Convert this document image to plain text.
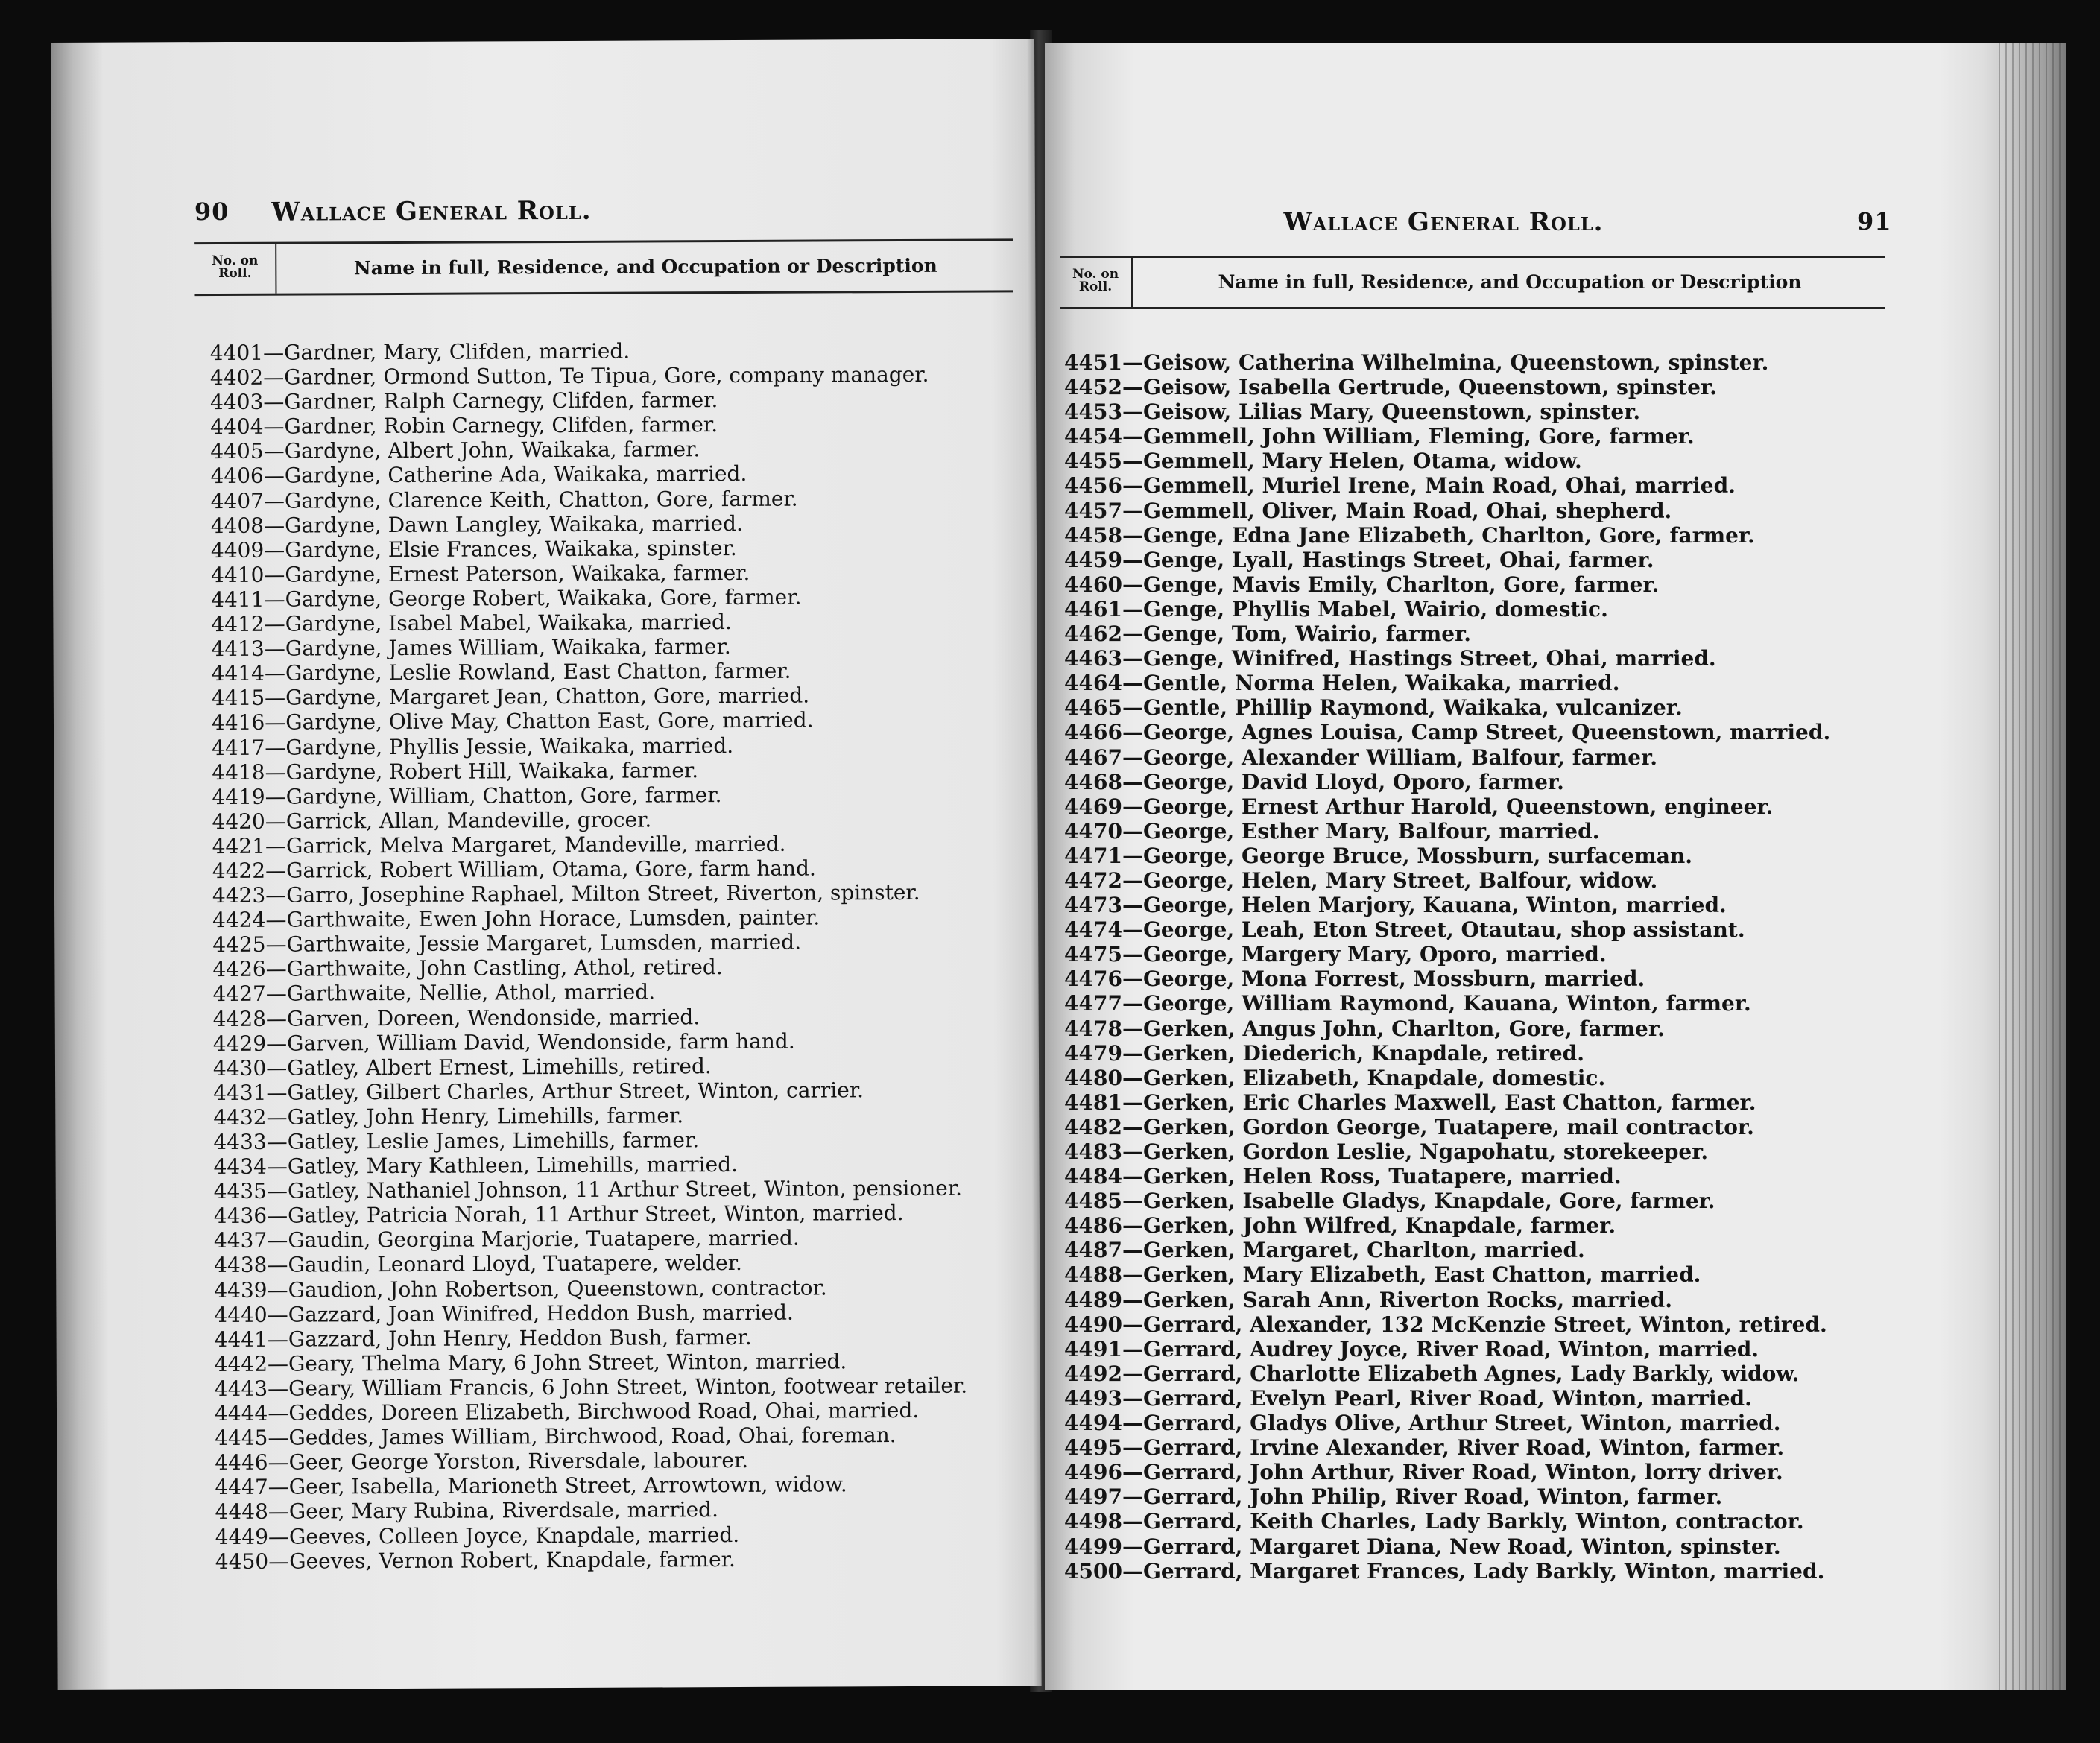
90	Wallace General Roll.
No. on
Roll.	Name in full, Residence, and Occupation or Description
4401—Gardner, Mary, Clifden, married.
4402—Gardner, Ormond Sutton, Te Tipua, Gore, company manager.
4403—Gardner, Ralph Carnegy, Clifden, farmer.
4404—Gardner, Robin Carnegy, Clifden, farmer.
4405—Gardyne, Albert John, Waikaka, farmer.
4406—Gardyne, Catherine Ada, Waikaka, married.
4407—Gardyne, Clarence Keith, Chatton, Gore, farmer.
4408—Gardyne, Dawn Langley, Waikaka, married.
4409—Gardyne, Elsie Frances, Waikaka, spinster.
4410—Gardyne, Ernest Paterson, Waikaka, farmer.
4411—Gardyne, George Robert, Waikaka, Gore, farmer.
4412—Gardyne, Isabel Mabel, Waikaka, married.
4413—Gardyne, James William, Waikaka, farmer.
4414—Gardyne, Leslie Rowland, East Chatton, farmer.
4415—Gardyne, Margaret Jean, Chatton, Gore, married.
4416—Gardyne, Olive May, Chatton East, Gore, married.
4417—Gardyne, Phyllis Jessie, Waikaka, married.
4418—Gardyne, Robert Hill, Waikaka, farmer.
4419—Gardyne, William, Chatton, Gore, farmer.
4420—Garrick, Allan, Mandeville, grocer.
4421—Garrick, Melva Margaret, Mandeville, married.
4422—Garrick, Robert William, Otama, Gore, farm hand.
4423—Garro, Josephine Raphael, Milton Street, Riverton, spinster.
4424—Garthwaite, Ewen John Horace, Lumsden, painter.
4425—Garthwaite, Jessie Margaret, Lumsden, married.
4426—Garthwaite, John Castling, Athol, retired.
4427—Garthwaite, Nellie, Athol, married.
4428—Garven, Doreen, Wendonside, married.
4429—Garven, William David, Wendonside, farm hand.
4430—Gatley, Albert Ernest, Limehills, retired.
4431—Gatley, Gilbert Charles, Arthur Street, Winton, carrier.
4432—Gatley, John Henry, Limehills, farmer.
4433—Gatley, Leslie James, Limehills, farmer.
4434—Gatley, Mary Kathleen, Limehills, married.
4435—Gatley, Nathaniel Johnson, 11 Arthur Street, Winton, pensioner.
4436—Gatley, Patricia Norah, 11 Arthur Street, Winton, married.
4437—Gaudin, Georgina Marjorie, Tuatapere, married.
4438—Gaudin, Leonard Lloyd, Tuatapere, welder.
4439—Gaudion, John Robertson, Queenstown, contractor.
4440—Gazzard, Joan Winifred, Heddon Bush, married.
4441—Gazzard, John Henry, Heddon Bush, farmer.
4442—Geary, Thelma Mary, 6 John Street, Winton, married.
4443—Geary, William Francis, 6 John Street, Winton, footwear retailer.
4444—Geddes, Doreen Elizabeth, Birchwood Road, Ohai, married.
4445—Geddes, James William, Birchwood, Road, Ohai, foreman.
4446—Geer, George Yorston, Riversdale, labourer.
4447—Geer, Isabella, Marioneth Street, Arrowtown, widow.
4448—Geer, Mary Rubina, Riverdsale, married.
4449—Geeves, Colleen Joyce, Knapdale, married.
4450—Geeves, Vernon Robert, Knapdale, farmer.
Wallace General Roll.	91
No. on
Roll.	Name in full, Residence, and Occupation or Description
4451—Geisow, Catherina Wilhelmina, Queenstown, spinster.
4452—Geisow, Isabella Gertrude, Queenstown, spinster.
4453—Geisow, Lilias Mary, Queenstown, spinster.
4454—Gemmell, John William, Fleming, Gore, farmer.
4455—Gemmell, Mary Helen, Otama, widow.
4456—Gemmell, Muriel Irene, Main Road, Ohai, married.
4457—Gemmell, Oliver, Main Road, Ohai, shepherd.
4458—Genge, Edna Jane Elizabeth, Charlton, Gore, farmer.
4459—Genge, Lyall, Hastings Street, Ohai, farmer.
4460—Genge, Mavis Emily, Charlton, Gore, farmer.
4461—Genge, Phyllis Mabel, Wairio, domestic.
4462—Genge, Tom, Wairio, farmer.
4463—Genge, Winifred, Hastings Street, Ohai, married.
4464—Gentle, Norma Helen, Waikaka, married.
4465—Gentle, Phillip Raymond, Waikaka, vulcanizer.
4466—George, Agnes Louisa, Camp Street, Queenstown, married.
4467—George, Alexander William, Balfour, farmer.
4468—George, David Lloyd, Oporo, farmer.
4469—George, Ernest Arthur Harold, Queenstown, engineer.
4470—George, Esther Mary, Balfour, married.
4471—George, George Bruce, Mossburn, surfaceman.
4472—George, Helen, Mary Street, Balfour, widow.
4473—George, Helen Marjory, Kauana, Winton, married.
4474—George, Leah, Eton Street, Otautau, shop assistant.
4475—George, Margery Mary, Oporo, married.
4476—George, Mona Forrest, Mossburn, married.
4477—George, William Raymond, Kauana, Winton, farmer.
4478—Gerken, Angus John, Charlton, Gore, farmer.
4479—Gerken, Diederich, Knapdale, retired.
4480—Gerken, Elizabeth, Knapdale, domestic.
4481—Gerken, Eric Charles Maxwell, East Chatton, farmer.
4482—Gerken, Gordon George, Tuatapere, mail contractor.
4483—Gerken, Gordon Leslie, Ngapohatu, storekeeper.
4484—Gerken, Helen Ross, Tuatapere, married.
4485—Gerken, Isabelle Gladys, Knapdale, Gore, farmer.
4486—Gerken, John Wilfred, Knapdale, farmer.
4487—Gerken, Margaret, Charlton, married.
4488—Gerken, Mary Elizabeth, East Chatton, married.
4489—Gerken, Sarah Ann, Riverton Rocks, married.
4490—Gerrard, Alexander, 132 McKenzie Street, Winton, retired.
4491—Gerrard, Audrey Joyce, River Road, Winton, married.
4492—Gerrard, Charlotte Elizabeth Agnes, Lady Barkly, widow.
4493—Gerrard, Evelyn Pearl, River Road, Winton, married.
4494—Gerrard, Gladys Olive, Arthur Street, Winton, married.
4495—Gerrard, Irvine Alexander, River Road, Winton, farmer.
4496—Gerrard, John Arthur, River Road, Winton, lorry driver.
4497—Gerrard, John Philip, River Road, Winton, farmer.
4498—Gerrard, Keith Charles, Lady Barkly, Winton, contractor.
4499—Gerrard, Margaret Diana, New Road, Winton, spinster.
4500—Gerrard, Margaret Frances, Lady Barkly, Winton, married.
